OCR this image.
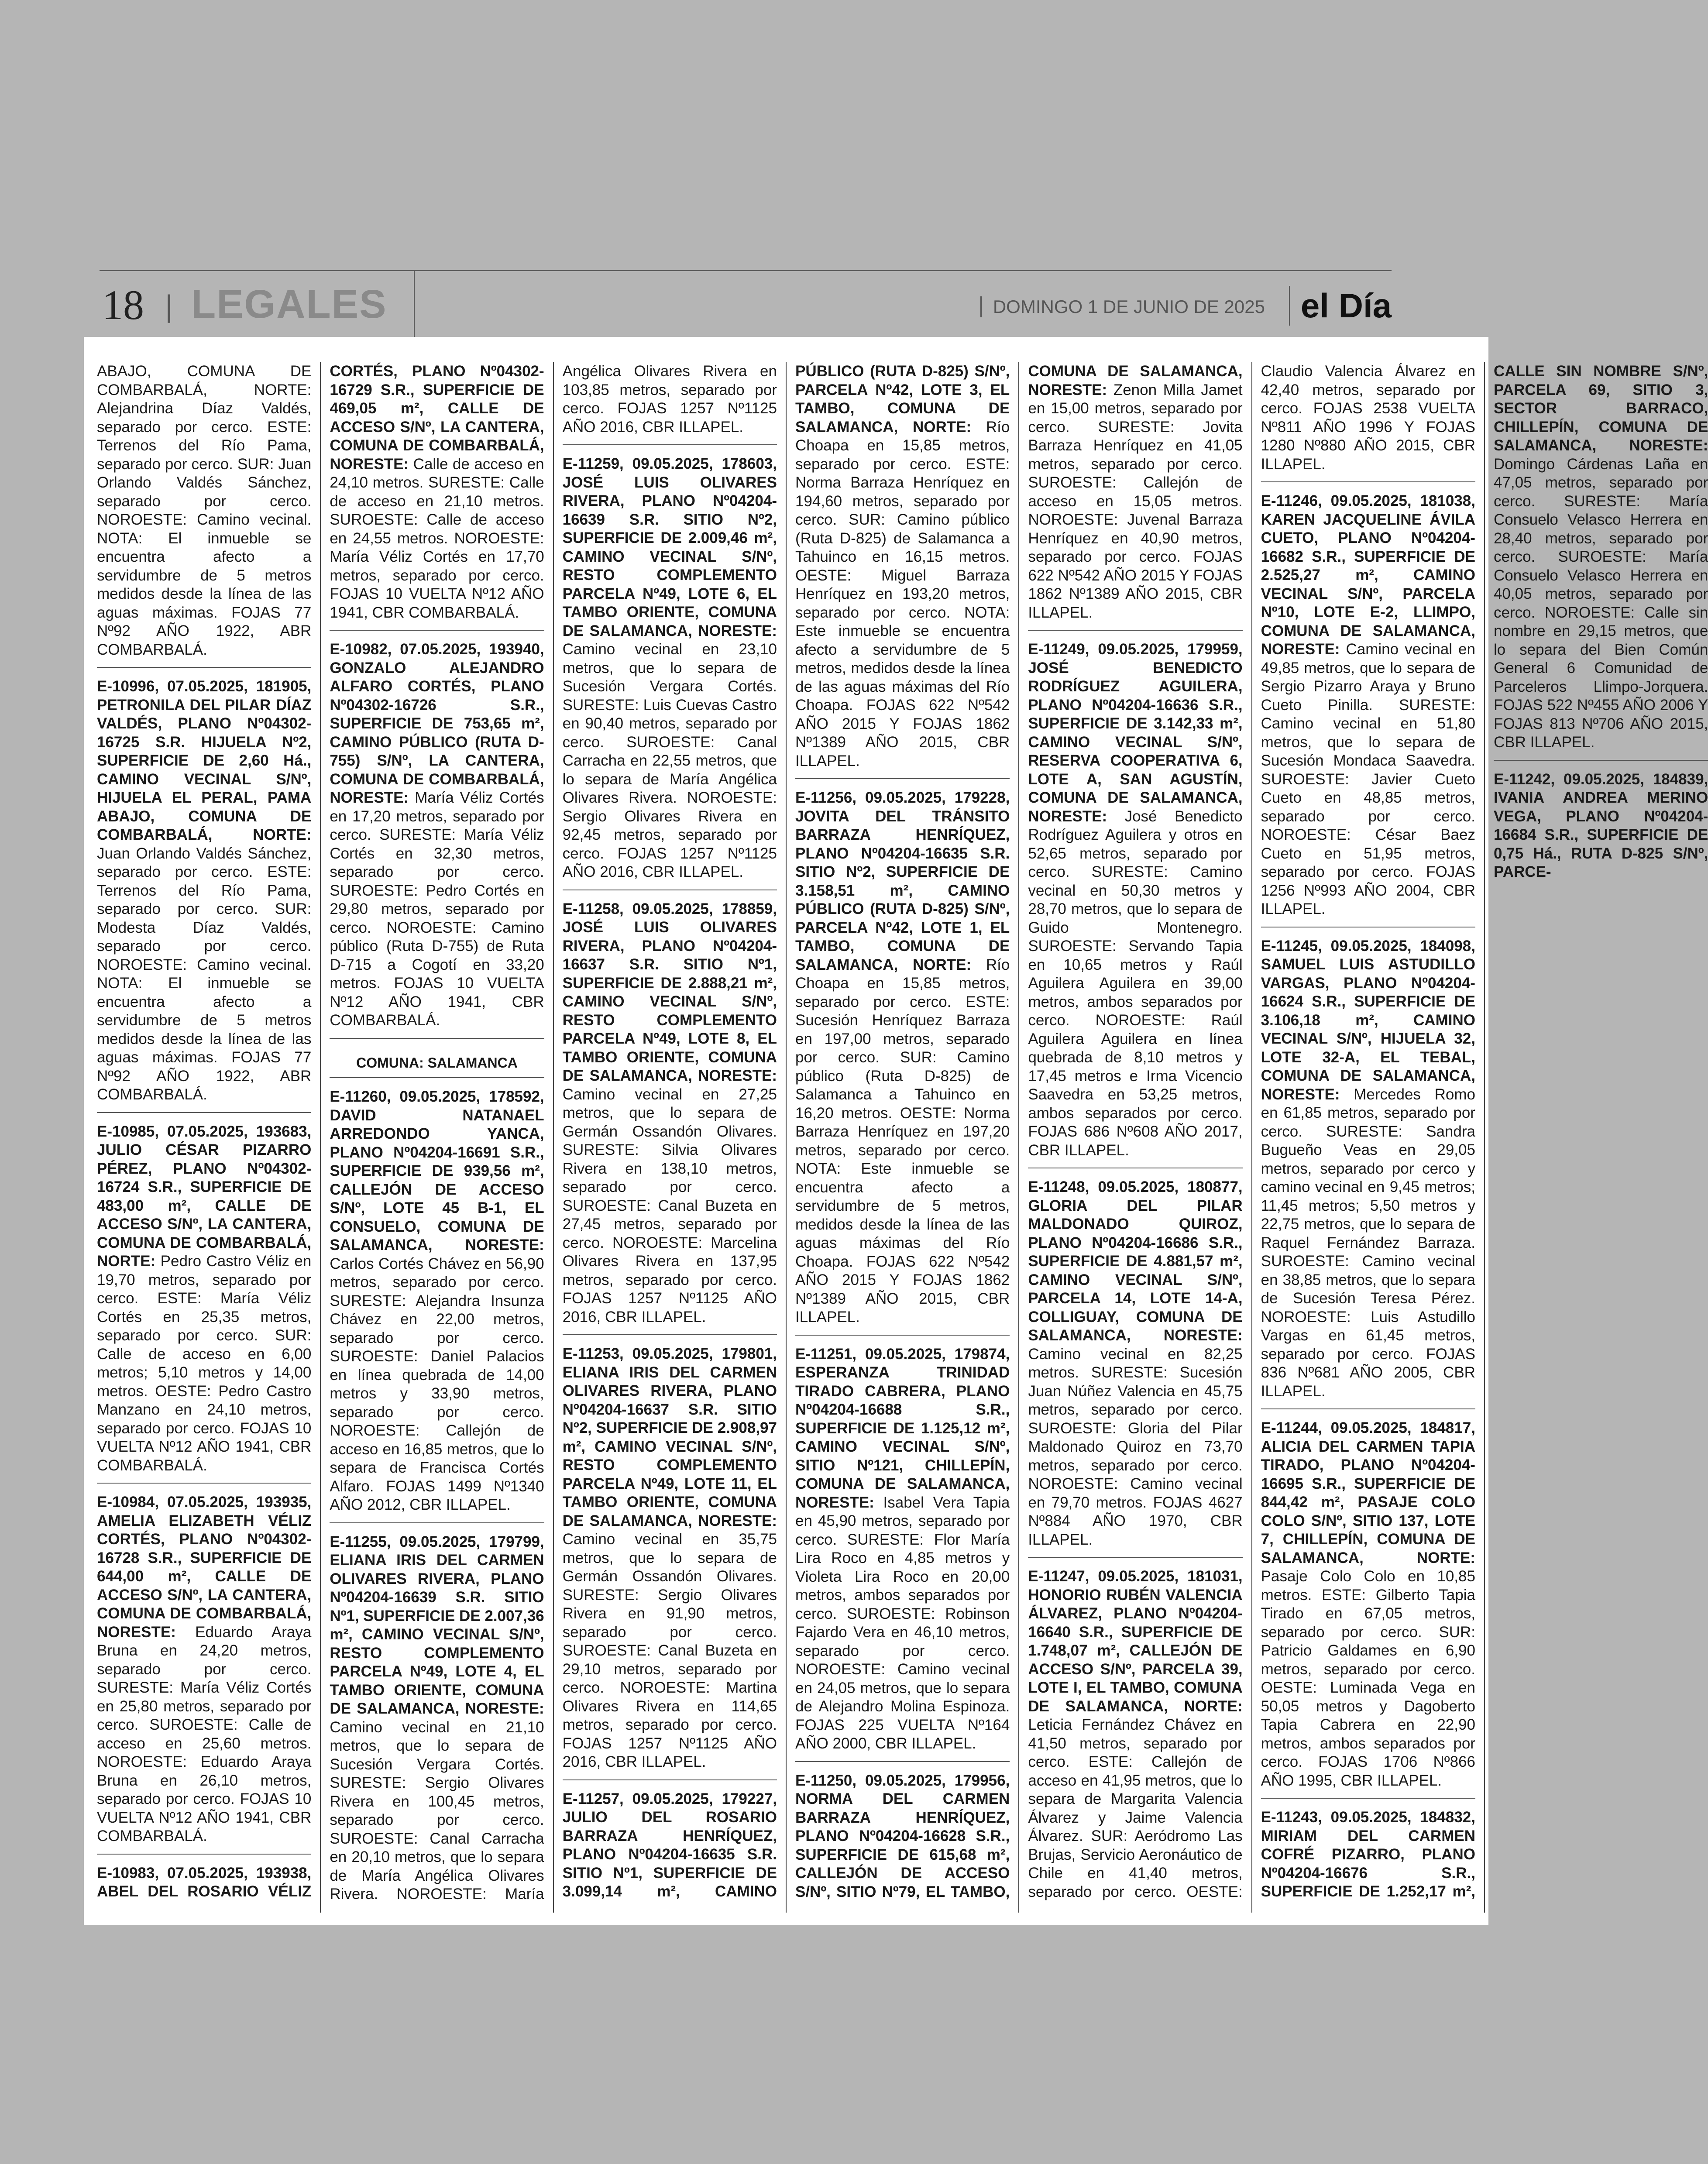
18 | LEGALES	DOMINGO 1 DE JUNIO DE 2025	el Día
ABAJO, COMUNA DE COMBARBALÁ, NORTE: Alejandrina Díaz Valdés, separado por cerco. ESTE: Terrenos del Río Pama, separado por cerco. SUR: Juan Orlando Valdés Sánchez, separado por cerco. NOROESTE: Camino vecinal. NOTA: El inmueble se encuentra afecto a servidumbre de 5 metros medidos desde la línea de las aguas máximas. FOJAS 77 Nº92 AÑO 1922, ABR COMBARBALÁ.
E-10996, 07.05.2025, 181905, PETRONILA DEL PILAR DÍAZ VALDÉS, PLANO Nº04302-16725 S.R. HIJUELA Nº2, SUPERFICIE DE 2,60 Há., CAMINO VECINAL S/Nº, HIJUELA EL PERAL, PAMA ABAJO, COMUNA DE COMBARBALÁ, NORTE: Juan Orlando Valdés Sánchez, separado por cerco. ESTE: Terrenos del Río Pama, separado por cerco. SUR: Modesta Díaz Valdés, separado por cerco. NOROESTE: Camino vecinal. NOTA: El inmueble se encuentra afecto a servidumbre de 5 metros medidos desde la línea de las aguas máximas. FOJAS 77 Nº92 AÑO 1922, ABR COMBARBALÁ.
E-10985, 07.05.2025, 193683, JULIO CÉSAR PIZARRO PÉREZ, PLANO Nº04302-16724 S.R., SUPERFICIE DE 483,00 m², CALLE DE ACCESO S/Nº, LA CANTERA, COMUNA DE COMBARBALÁ, NORTE: Pedro Castro Véliz en 19,70 metros, separado por cerco. ESTE: María Véliz Cortés en 25,35 metros, separado por cerco. SUR: Calle de acceso en 6,00 metros; 5,10 metros y 14,00 metros. OESTE: Pedro Castro Manzano en 24,10 metros, separado por cerco. FOJAS 10 VUELTA Nº12 AÑO 1941, CBR COMBARBALÁ.
E-10984, 07.05.2025, 193935, AMELIA ELIZABETH VÉLIZ CORTÉS, PLANO Nº04302-16728 S.R., SUPERFICIE DE 644,00 m², CALLE DE ACCESO S/Nº, LA CANTERA, COMUNA DE COMBARBALÁ, NORESTE: Eduardo Araya Bruna en 24,20 metros, separado por cerco. SURESTE: María Véliz Cortés en 25,80 metros, separado por cerco. SUROESTE: Calle de acceso en 25,60 metros. NOROESTE: Eduardo Araya Bruna en 26,10 metros, separado por cerco. FOJAS 10 VUELTA Nº12 AÑO 1941, CBR COMBARBALÁ.
E-10983, 07.05.2025, 193938, ABEL DEL ROSARIO VÉLIZ CORTÉS, PLANO Nº04302-16729 S.R., SUPERFICIE DE 469,05 m², CALLE DE ACCESO S/Nº, LA CANTERA, COMUNA DE COMBARBALÁ, NORESTE: Calle de acceso en 24,10 metros. SURESTE: Calle de acceso en 21,10 metros. SUROESTE: Calle de acceso en 24,55 metros. NOROESTE: María Véliz Cortés en 17,70 metros, separado por cerco. FOJAS 10 VUELTA Nº12 AÑO 1941, CBR COMBARBALÁ.
E-10982, 07.05.2025, 193940, GONZALO ALEJANDRO ALFARO CORTÉS, PLANO Nº04302-16726 S.R., SUPERFICIE DE 753,65 m², CAMINO PÚBLICO (RUTA D-755) S/Nº, LA CANTERA, COMUNA DE COMBARBALÁ, NORESTE: María Véliz Cortés en 17,20 metros, separado por cerco. SURESTE: María Véliz Cortés en 32,30 metros, separado por cerco. SUROESTE: Pedro Cortés en 29,80 metros, separado por cerco. NOROESTE: Camino público (Ruta D-755) de Ruta D-715 a Cogotí en 33,20 metros. FOJAS 10 VUELTA Nº12 AÑO 1941, CBR COMBARBALÁ.
COMUNA: SALAMANCA
E-11260, 09.05.2025, 178592, DAVID NATANAEL ARREDONDO YANCA, PLANO Nº04204-16691 S.R., SUPERFICIE DE 939,56 m², CALLEJÓN DE ACCESO S/Nº, LOTE 45 B-1, EL CONSUELO, COMUNA DE SALAMANCA, NORESTE: Carlos Cortés Chávez en 56,90 metros, separado por cerco. SURESTE: Alejandra Insunza Chávez en 22,00 metros, separado por cerco. SUROESTE: Daniel Palacios en línea quebrada de 14,00 metros y 33,90 metros, separado por cerco. NOROESTE: Callejón de acceso en 16,85 metros, que lo separa de Francisca Cortés Alfaro. FOJAS 1499 Nº1340 AÑO 2012, CBR ILLAPEL.
E-11255, 09.05.2025, 179799, ELIANA IRIS DEL CARMEN OLIVARES RIVERA, PLANO Nº04204-16639 S.R. SITIO Nº1, SUPERFICIE DE 2.007,36 m², CAMINO VECINAL S/Nº, RESTO COMPLEMENTO PARCELA Nº49, LOTE 4, EL TAMBO ORIENTE, COMUNA DE SALAMANCA, NORESTE: Camino vecinal en 21,10 metros, que lo separa de Sucesión Vergara Cortés. SURESTE: Sergio Olivares Rivera en 100,45 metros, separado por cerco. SUROESTE: Canal Carracha en 20,10 metros, que lo separa de María Angélica Olivares Rivera. NOROESTE: María Angélica Olivares Rivera en 103,85 metros, separado por cerco. FOJAS 1257 Nº1125 AÑO 2016, CBR ILLAPEL.
E-11259, 09.05.2025, 178603, JOSÉ LUIS OLIVARES RIVERA, PLANO Nº04204-16639 S.R. SITIO Nº2, SUPERFICIE DE 2.009,46 m², CAMINO VECINAL S/Nº, RESTO COMPLEMENTO PARCELA Nº49, LOTE 6, EL TAMBO ORIENTE, COMUNA DE SALAMANCA, NORESTE: Camino vecinal en 23,10 metros, que lo separa de Sucesión Vergara Cortés. SURESTE: Luis Cuevas Castro en 90,40 metros, separado por cerco. SUROESTE: Canal Carracha en 22,55 metros, que lo separa de María Angélica Olivares Rivera. NOROESTE: Sergio Olivares Rivera en 92,45 metros, separado por cerco. FOJAS 1257 Nº1125 AÑO 2016, CBR ILLAPEL.
E-11258, 09.05.2025, 178859, JOSÉ LUIS OLIVARES RIVERA, PLANO Nº04204-16637 S.R. SITIO Nº1, SUPERFICIE DE 2.888,21 m², CAMINO VECINAL S/Nº, RESTO COMPLEMENTO PARCELA Nº49, LOTE 8, EL TAMBO ORIENTE, COMUNA DE SALAMANCA, NORESTE: Camino vecinal en 27,25 metros, que lo separa de Germán Ossandón Olivares. SURESTE: Silvia Olivares Rivera en 138,10 metros, separado por cerco. SUROESTE: Canal Buzeta en 27,45 metros, separado por cerco. NOROESTE: Marcelina Olivares Rivera en 137,95 metros, separado por cerco. FOJAS 1257 Nº1125 AÑO 2016, CBR ILLAPEL.
E-11253, 09.05.2025, 179801, ELIANA IRIS DEL CARMEN OLIVARES RIVERA, PLANO Nº04204-16637 S.R. SITIO Nº2, SUPERFICIE DE 2.908,97 m², CAMINO VECINAL S/Nº, RESTO COMPLEMENTO PARCELA Nº49, LOTE 11, EL TAMBO ORIENTE, COMUNA DE SALAMANCA, NORESTE: Camino vecinal en 35,75 metros, que lo separa de Germán Ossandón Olivares. SURESTE: Sergio Olivares Rivera en 91,90 metros, separado por cerco. SUROESTE: Canal Buzeta en 29,10 metros, separado por cerco. NOROESTE: Martina Olivares Rivera en 114,65 metros, separado por cerco. FOJAS 1257 Nº1125 AÑO 2016, CBR ILLAPEL.
E-11257, 09.05.2025, 179227, JULIO DEL ROSARIO BARRAZA HENRÍQUEZ, PLANO Nº04204-16635 S.R. SITIO Nº1, SUPERFICIE DE 3.099,14 m², CAMINO PÚBLICO (RUTA D-825) S/Nº, PARCELA Nº42, LOTE 3, EL TAMBO, COMUNA DE SALAMANCA, NORTE: Río Choapa en 15,85 metros, separado por cerco. ESTE: Norma Barraza Henríquez en 194,60 metros, separado por cerco. SUR: Camino público (Ruta D-825) de Salamanca a Tahuinco en 16,15 metros. OESTE: Miguel Barraza Henríquez en 193,20 metros, separado por cerco. NOTA: Este inmueble se encuentra afecto a servidumbre de 5 metros, medidos desde la línea de las aguas máximas del Río Choapa. FOJAS 622 Nº542 AÑO 2015 Y FOJAS 1862 Nº1389 AÑO 2015, CBR ILLAPEL.
E-11256, 09.05.2025, 179228, JOVITA DEL TRÁNSITO BARRAZA HENRÍQUEZ, PLANO Nº04204-16635 S.R. SITIO Nº2, SUPERFICIE DE 3.158,51 m², CAMINO PÚBLICO (RUTA D-825) S/Nº, PARCELA Nº42, LOTE 1, EL TAMBO, COMUNA DE SALAMANCA, NORTE: Río Choapa en 15,85 metros, separado por cerco. ESTE: Sucesión Henríquez Barraza en 197,00 metros, separado por cerco. SUR: Camino público (Ruta D-825) de Salamanca a Tahuinco en 16,20 metros. OESTE: Norma Barraza Henríquez en 197,20 metros, separado por cerco. NOTA: Este inmueble se encuentra afecto a servidumbre de 5 metros, medidos desde la línea de las aguas máximas del Río Choapa. FOJAS 622 Nº542 AÑO 2015 Y FOJAS 1862 Nº1389 AÑO 2015, CBR ILLAPEL.
E-11251, 09.05.2025, 179874, ESPERANZA TRINIDAD TIRADO CABRERA, PLANO Nº04204-16688 S.R., SUPERFICIE DE 1.125,12 m², CAMINO VECINAL S/Nº, SITIO Nº121, CHILLEPÍN, COMUNA DE SALAMANCA, NORESTE: Isabel Vera Tapia en 45,90 metros, separado por cerco. SURESTE: Flor María Lira Roco en 4,85 metros y Violeta Lira Roco en 20,00 metros, ambos separados por cerco. SUROESTE: Robinson Fajardo Vera en 46,10 metros, separado por cerco. NOROESTE: Camino vecinal en 24,05 metros, que lo separa de Alejandro Molina Espinoza. FOJAS 225 VUELTA Nº164 AÑO 2000, CBR ILLAPEL.
E-11250, 09.05.2025, 179956, NORMA DEL CARMEN BARRAZA HENRÍQUEZ, PLANO Nº04204-16628 S.R., SUPERFICIE DE 615,68 m², CALLEJÓN DE ACCESO S/Nº, SITIO Nº79, EL TAMBO, COMUNA DE SALAMANCA, NORESTE: Zenon Milla Jamet en 15,00 metros, separado por cerco. SURESTE: Jovita Barraza Henríquez en 41,05 metros, separado por cerco. SUROESTE: Callejón de acceso en 15,05 metros. NOROESTE: Juvenal Barraza Henríquez en 40,90 metros, separado por cerco. FOJAS 622 Nº542 AÑO 2015 Y FOJAS 1862 Nº1389 AÑO 2015, CBR ILLAPEL.
E-11249, 09.05.2025, 179959, JOSÉ BENEDICTO RODRÍGUEZ AGUILERA, PLANO Nº04204-16636 S.R., SUPERFICIE DE 3.142,33 m², CAMINO VECINAL S/Nº, RESERVA COOPERATIVA 6, LOTE A, SAN AGUSTÍN, COMUNA DE SALAMANCA, NORESTE: José Benedicto Rodríguez Aguilera y otros en 52,65 metros, separado por cerco. SURESTE: Camino vecinal en 50,30 metros y 28,70 metros, que lo separa de Guido Montenegro. SUROESTE: Servando Tapia en 10,65 metros y Raúl Aguilera Aguilera en 39,00 metros, ambos separados por cerco. NOROESTE: Raúl Aguilera Aguilera en línea quebrada de 8,10 metros y 17,45 metros e Irma Vicencio Saavedra en 53,25 metros, ambos separados por cerco. FOJAS 686 Nº608 AÑO 2017, CBR ILLAPEL.
E-11248, 09.05.2025, 180877, GLORIA DEL PILAR MALDONADO QUIROZ, PLANO Nº04204-16686 S.R., SUPERFICIE DE 4.881,57 m², CAMINO VECINAL S/Nº, PARCELA 14, LOTE 14-A, COLLIGUAY, COMUNA DE SALAMANCA, NORESTE: Camino vecinal en 82,25 metros. SURESTE: Sucesión Juan Núñez Valencia en 45,75 metros, separado por cerco. SUROESTE: Gloria del Pilar Maldonado Quiroz en 73,70 metros, separado por cerco. NOROESTE: Camino vecinal en 79,70 metros. FOJAS 4627 Nº884 AÑO 1970, CBR ILLAPEL.
E-11247, 09.05.2025, 181031, HONORIO RUBÉN VALENCIA ÁLVAREZ, PLANO Nº04204-16640 S.R., SUPERFICIE DE 1.748,07 m², CALLEJÓN DE ACCESO S/Nº, PARCELA 39, LOTE I, EL TAMBO, COMUNA DE SALAMANCA, NORTE: Leticia Fernández Chávez en 41,50 metros, separado por cerco. ESTE: Callejón de acceso en 41,95 metros, que lo separa de Margarita Valencia Álvarez y Jaime Valencia Álvarez. SUR: Aeródromo Las Brujas, Servicio Aeronáutico de Chile en 41,40 metros, separado por cerco. OESTE: Claudio Valencia Álvarez en 42,40 metros, separado por cerco. FOJAS 2538 VUELTA Nº811 AÑO 1996 Y FOJAS 1280 Nº880 AÑO 2015, CBR ILLAPEL.
E-11246, 09.05.2025, 181038, KAREN JACQUELINE ÁVILA CUETO, PLANO Nº04204-16682 S.R., SUPERFICIE DE 2.525,27 m², CAMINO VECINAL S/Nº, PARCELA Nº10, LOTE E-2, LLIMPO, COMUNA DE SALAMANCA, NORESTE: Camino vecinal en 49,85 metros, que lo separa de Sergio Pizarro Araya y Bruno Cueto Pinilla. SURESTE: Camino vecinal en 51,80 metros, que lo separa de Sucesión Mondaca Saavedra. SUROESTE: Javier Cueto Cueto en 48,85 metros, separado por cerco. NOROESTE: César Baez Cueto en 51,95 metros, separado por cerco. FOJAS 1256 Nº993 AÑO 2004, CBR ILLAPEL.
E-11245, 09.05.2025, 184098, SAMUEL LUIS ASTUDILLO VARGAS, PLANO Nº04204-16624 S.R., SUPERFICIE DE 3.106,18 m², CAMINO VECINAL S/Nº, HIJUELA 32, LOTE 32-A, EL TEBAL, COMUNA DE SALAMANCA, NORESTE: Mercedes Romo en 61,85 metros, separado por cerco. SURESTE: Sandra Bugueño Veas en 29,05 metros, separado por cerco y camino vecinal en 9,45 metros; 11,45 metros; 5,50 metros y 22,75 metros, que lo separa de Raquel Fernández Barraza. SUROESTE: Camino vecinal en 38,85 metros, que lo separa de Sucesión Teresa Pérez. NOROESTE: Luis Astudillo Vargas en 61,45 metros, separado por cerco. FOJAS 836 Nº681 AÑO 2005, CBR ILLAPEL.
E-11244, 09.05.2025, 184817, ALICIA DEL CARMEN TAPIA TIRADO, PLANO Nº04204-16695 S.R., SUPERFICIE DE 844,42 m², PASAJE COLO COLO S/Nº, SITIO 137, LOTE 7, CHILLEPÍN, COMUNA DE SALAMANCA, NORTE: Pasaje Colo Colo en 10,85 metros. ESTE: Gilberto Tapia Tirado en 67,05 metros, separado por cerco. SUR: Patricio Galdames en 6,90 metros, separado por cerco. OESTE: Luminada Vega en 50,05 metros y Dagoberto Tapia Cabrera en 22,90 metros, ambos separados por cerco. FOJAS 1706 Nº866 AÑO 1995, CBR ILLAPEL.
E-11243, 09.05.2025, 184832, MIRIAM DEL CARMEN COFRÉ PIZARRO, PLANO Nº04204-16676 S.R., SUPERFICIE DE 1.252,17 m², CALLE SIN NOMBRE S/Nº, PARCELA 69, SITIO 3, SECTOR BARRACO, CHILLEPÍN, COMUNA DE SALAMANCA, NORESTE: Domingo Cárdenas Laña en 47,05 metros, separado por cerco. SURESTE: María Consuelo Velasco Herrera en 28,40 metros, separado por cerco. SUROESTE: María Consuelo Velasco Herrera en 40,05 metros, separado por cerco. NOROESTE: Calle sin nombre en 29,15 metros, que lo separa del Bien Común General 6 Comunidad de Parceleros Llimpo-Jorquera. FOJAS 522 Nº455 AÑO 2006 Y FOJAS 813 Nº706 AÑO 2015, CBR ILLAPEL.
E-11242, 09.05.2025, 184839, IVANIA ANDREA MERINO VEGA, PLANO Nº04204-16684 S.R., SUPERFICIE DE 0,75 Há., RUTA D-825 S/Nº, PARCE-
